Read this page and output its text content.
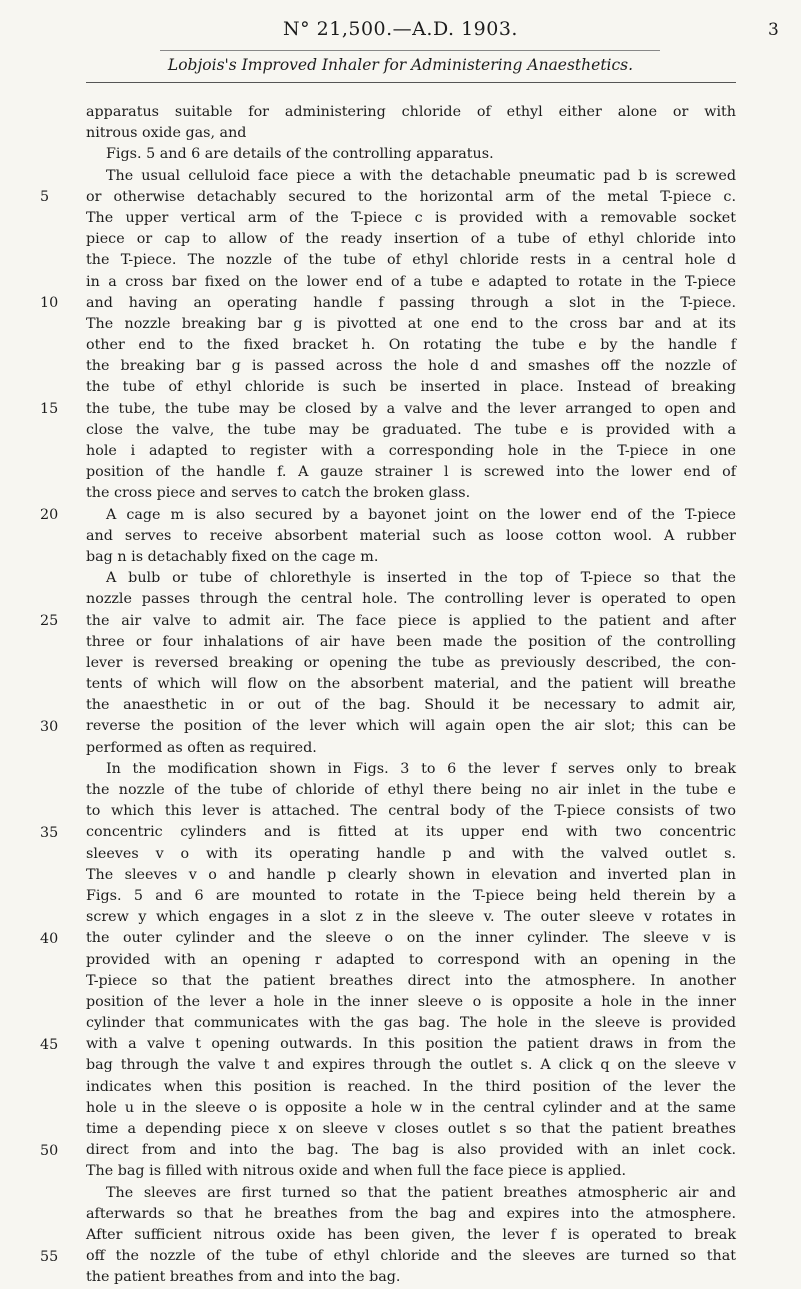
N° 21,500.—A.D. 1903.	3
Lobjois's Improved Inhaler for Administering Anaesthetics.
5
10
15
20
25
30
35
40
45
50
55
apparatus suitable for administering chloride of ethyl either alone or with
nitrous oxide gas, and
Figs. 5 and 6 are details of the controlling apparatus.
The usual celluloid face piece a with the detachable pneumatic pad b is screwed
or otherwise detachably secured to the horizontal arm of the metal T-piece c.
The upper vertical arm of the T-piece c is provided with a removable socket
piece or cap to allow of the ready insertion of a tube of ethyl chloride into
the T-piece. The nozzle of the tube of ethyl chloride rests in a central hole d
in a cross bar fixed on the lower end of a tube e adapted to rotate in the T-piece
and having an operating handle f passing through a slot in the T-piece.
The nozzle breaking bar g is pivotted at one end to the cross bar and at its
other end to the fixed bracket h. On rotating the tube e by the handle f
the breaking bar g is passed across the hole d and smashes off the nozzle of
the tube of ethyl chloride is such be inserted in place. Instead of breaking
the tube, the tube may be closed by a valve and the lever arranged to open and
close the valve, the tube may be graduated. The tube e is provided with a
hole i adapted to register with a corresponding hole in the T-piece in one
position of the handle f. A gauze strainer l is screwed into the lower end of
the cross piece and serves to catch the broken glass.
A cage m is also secured by a bayonet joint on the lower end of the T-piece
and serves to receive absorbent material such as loose cotton wool. A rubber
bag n is detachably fixed on the cage m.
A bulb or tube of chlorethyle is inserted in the top of T-piece so that the
nozzle passes through the central hole. The controlling lever is operated to open
the air valve to admit air. The face piece is applied to the patient and after
three or four inhalations of air have been made the position of the controlling
lever is reversed breaking or opening the tube as previously described, the con-
tents of which will flow on the absorbent material, and the patient will breathe
the anaesthetic in or out of the bag. Should it be necessary to admit air,
reverse the position of the lever which will again open the air slot; this can be
performed as often as required.
In the modification shown in Figs. 3 to 6 the lever f serves only to break
the nozzle of the tube of chloride of ethyl there being no air inlet in the tube e
to which this lever is attached. The central body of the T-piece consists of two
concentric cylinders and is fitted at its upper end with two concentric
sleeves v o with its operating handle p and with the valved outlet s.
The sleeves v o and handle p clearly shown in elevation and inverted plan in
Figs. 5 and 6 are mounted to rotate in the T-piece being held therein by a
screw y which engages in a slot z in the sleeve v. The outer sleeve v rotates in
the outer cylinder and the sleeve o on the inner cylinder. The sleeve v is
provided with an opening r adapted to correspond with an opening in the
T-piece so that the patient breathes direct into the atmosphere. In another
position of the lever a hole in the inner sleeve o is opposite a hole in the inner
cylinder that communicates with the gas bag. The hole in the sleeve is provided
with a valve t opening outwards. In this position the patient draws in from the
bag through the valve t and expires through the outlet s. A click q on the sleeve v
indicates when this position is reached. In the third position of the lever the
hole u in the sleeve o is opposite a hole w in the central cylinder and at the same
time a depending piece x on sleeve v closes outlet s so that the patient breathes
direct from and into the bag. The bag is also provided with an inlet cock.
The bag is filled with nitrous oxide and when full the face piece is applied.
The sleeves are first turned so that the patient breathes atmospheric air and
afterwards so that he breathes from the bag and expires into the atmosphere.
After sufficient nitrous oxide has been given, the lever f is operated to break
off the nozzle of the tube of ethyl chloride and the sleeves are turned so that
the patient breathes from and into the bag.
